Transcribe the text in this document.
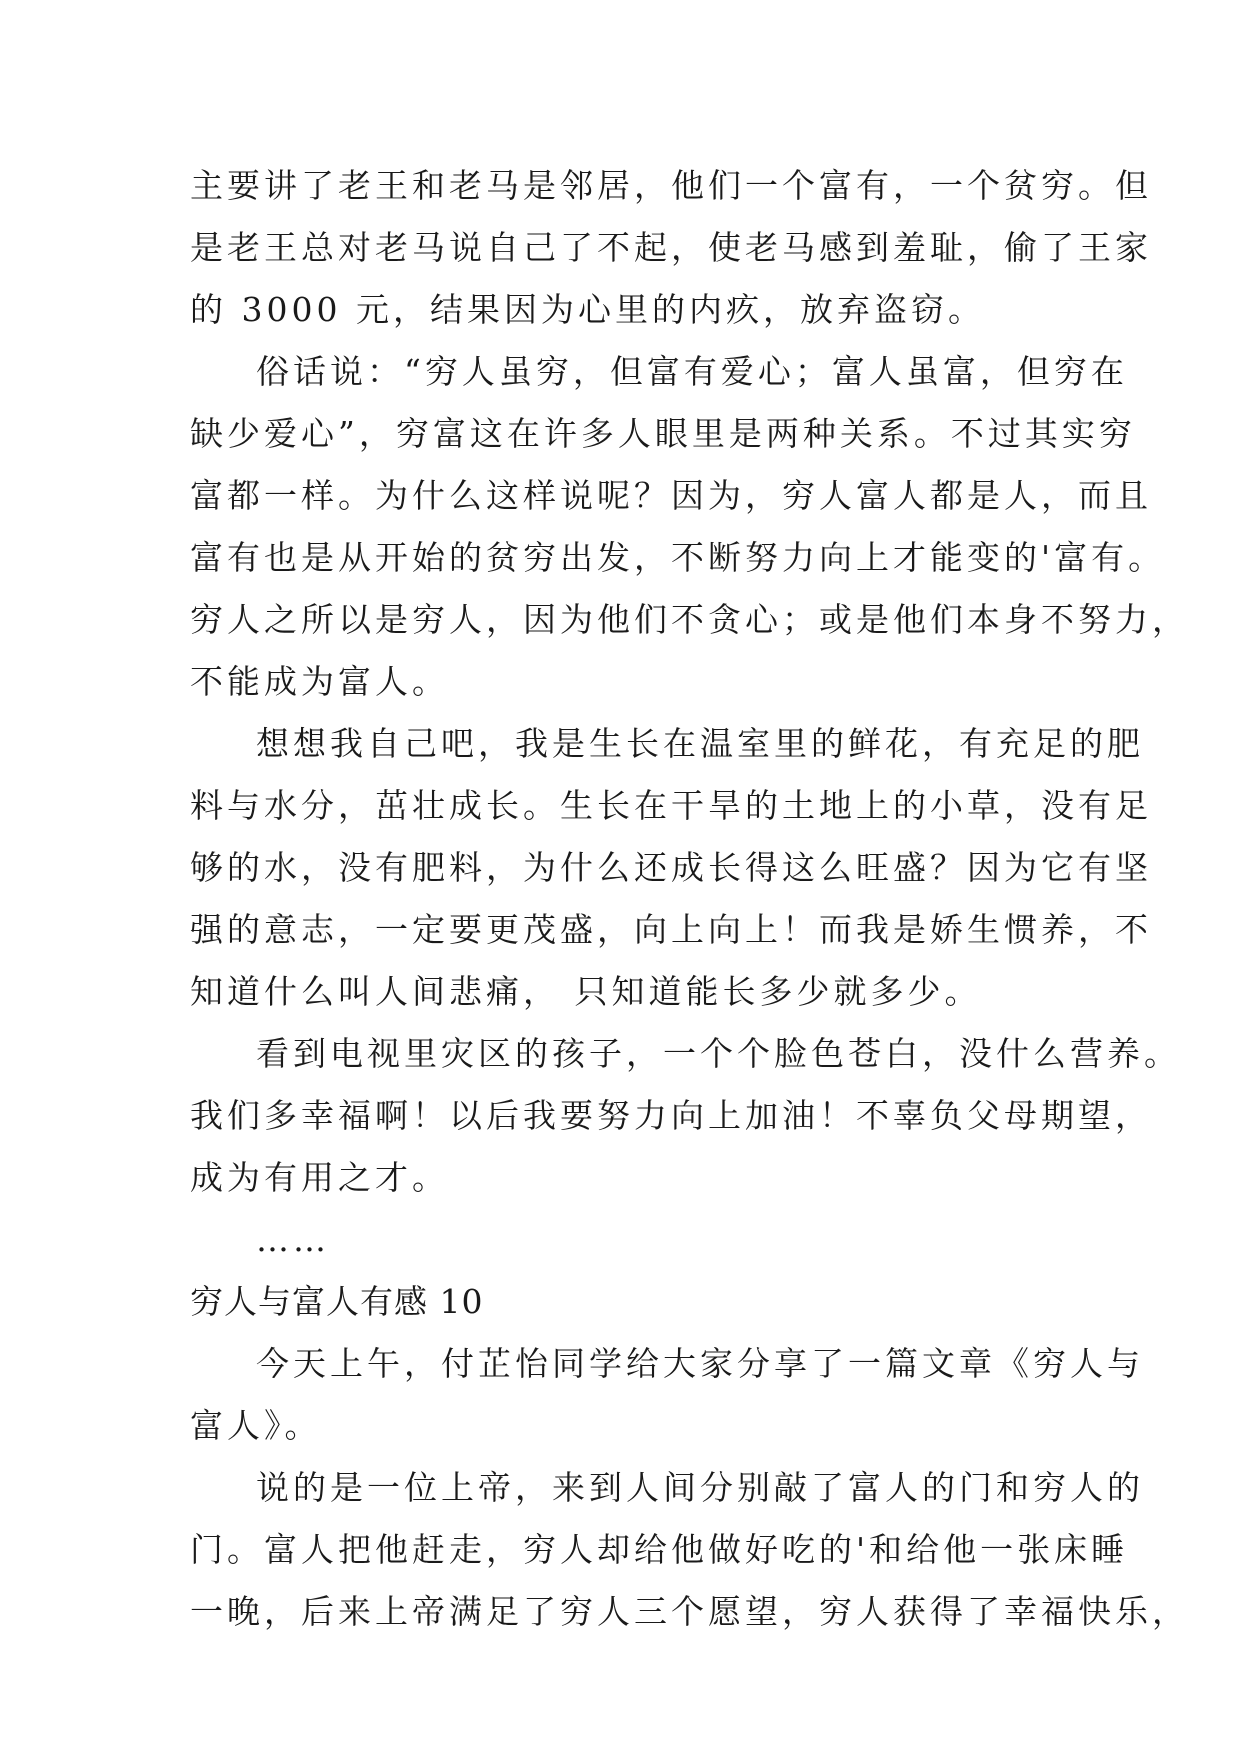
主要讲了老王和老马是邻居，他们一个富有，一个贫穷。但
是老王总对老马说自己了不起，使老马感到羞耻，偷了王家
的 3000 元，结果因为心里的内疚，放弃盗窃。
俗话说：“穷人虽穷，但富有爱心；富人虽富，但穷在
缺少爱心”，穷富这在许多人眼里是两种关系。不过其实穷
富都一样。为什么这样说呢？因为，穷人富人都是人，而且
富有也是从开始的贫穷出发，不断努力向上才能变的'富有。
穷人之所以是穷人，因为他们不贪心；或是他们本身不努力，
不能成为富人。
想想我自己吧，我是生长在温室里的鲜花，有充足的肥
料与水分，茁壮成长。生长在干旱的土地上的小草，没有足
够的水，没有肥料，为什么还成长得这么旺盛？因为它有坚
强的意志，一定要更茂盛，向上向上！而我是娇生惯养，不
知道什么叫人间悲痛， 只知道能长多少就多少。
看到电视里灾区的孩子，一个个脸色苍白，没什么营养。
我们多幸福啊！以后我要努力向上加油！不辜负父母期望，
成为有用之才。
……
穷人与富人有感 10
今天上午，付芷怡同学给大家分享了一篇文章《穷人与
富人》。
说的是一位上帝，来到人间分别敲了富人的门和穷人的
门。富人把他赶走，穷人却给他做好吃的'和给他一张床睡
一晚，后来上帝满足了穷人三个愿望，穷人获得了幸福快乐，
